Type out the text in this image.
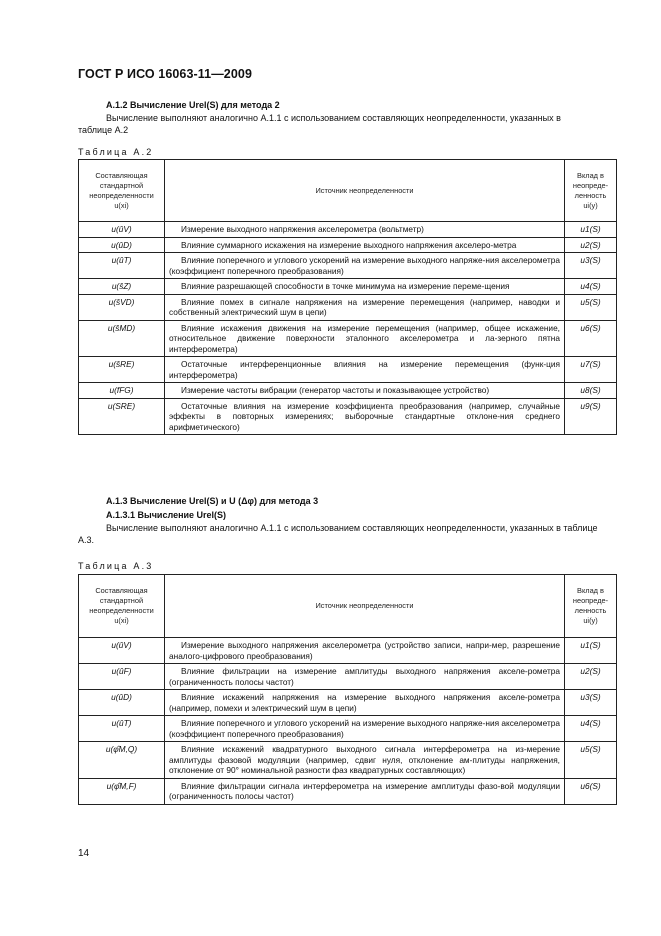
ГОСТ Р ИСО 16063-11—2009
A.1.2 Вычисление Urel(S) для метода 2
Вычисление выполняют аналогично А.1.1 с использованием составляющих неопределенности, указанных в таблице А.2
Таблица А.2
Составляющая стандартной неопределенности u(xi)	Источник неопределенности	Вклад в неопреде-ленность ui(y)
u(ûV)	Измерение выходного напряжения акселерометра (вольтметр)	u1(S)
u(ûD)	Влияние суммарного искажения на измерение выходного напряжения акселеро-метра	u2(S)
u(ûT)	Влияние поперечного и углового ускорений на измерение выходного напряже-ния акселерометра (коэффициент поперечного преобразования)	u3(S)
u(ŝZ)	Влияние разрешающей способности в точке минимума на измерение переме-щения	u4(S)
u(ŝVD)	Влияние помех в сигнале напряжения на измерение перемещения (например, наводки и собственный электрический шум в цепи)	u5(S)
u(ŝMD)	Влияние искажения движения на измерение перемещения (например, общее искажение, относительное движение поверхности эталонного акселерометра и ла-зерного пятна интерферометра)	u6(S)
u(ŝRE)	Остаточные интерференционные влияния на измерение перемещения (функ-ция интерферометра)	u7(S)
u(fFG)	Измерение частоты вибрации (генератор частоты и показывающее устройство)	u8(S)
u(SRE)	Остаточные влияния на измерение коэффициента преобразования (например, случайные эффекты в повторных измерениях; выборочные стандартные отклоне-ния среднего арифметического)	u9(S)
A.1.3 Вычисление Urel(S) и U (Δφ) для метода 3
A.1.3.1 Вычисление Urel(S)
Вычисление выполняют аналогично А.1.1 с использованием составляющих неопределенности, указанных в таблице А.3.
Таблица А.3
Составляющая стандартной неопределенности u(xi)	Источник неопределенности	Вклад в неопреде-ленность ui(y)
u(ûV)	Измерение выходного напряжения акселерометра (устройство записи, напри-мер, разрешение аналого-цифрового преобразования)	u1(S)
u(ûF)	Влияние фильтрации на измерение амплитуды выходного напряжения акселе-рометра (ограниченность полосы частот)	u2(S)
u(ûD)	Влияние искажений напряжения на измерение выходного напряжения акселе-рометра (например, помехи и электрический шум в цепи)	u3(S)
u(ûT)	Влияние поперечного и углового ускорений на измерение выходного напряже-ния акселерометра (коэффициент поперечного преобразования)	u4(S)
u(φ̂M,Q)	Влияние искажений квадратурного выходного сигнала интерферометра на из-мерение амплитуды фазовой модуляции (например, сдвиг нуля, отклонение ам-плитуды напряжения, отклонение от 90° номинальной разности фаз квадратурных составляющих)	u5(S)
u(φ̂M,F)	Влияние фильтрации сигнала интерферометра на измерение амплитуды фазо-вой модуляции (ограниченность полосы частот)	u6(S)
14
